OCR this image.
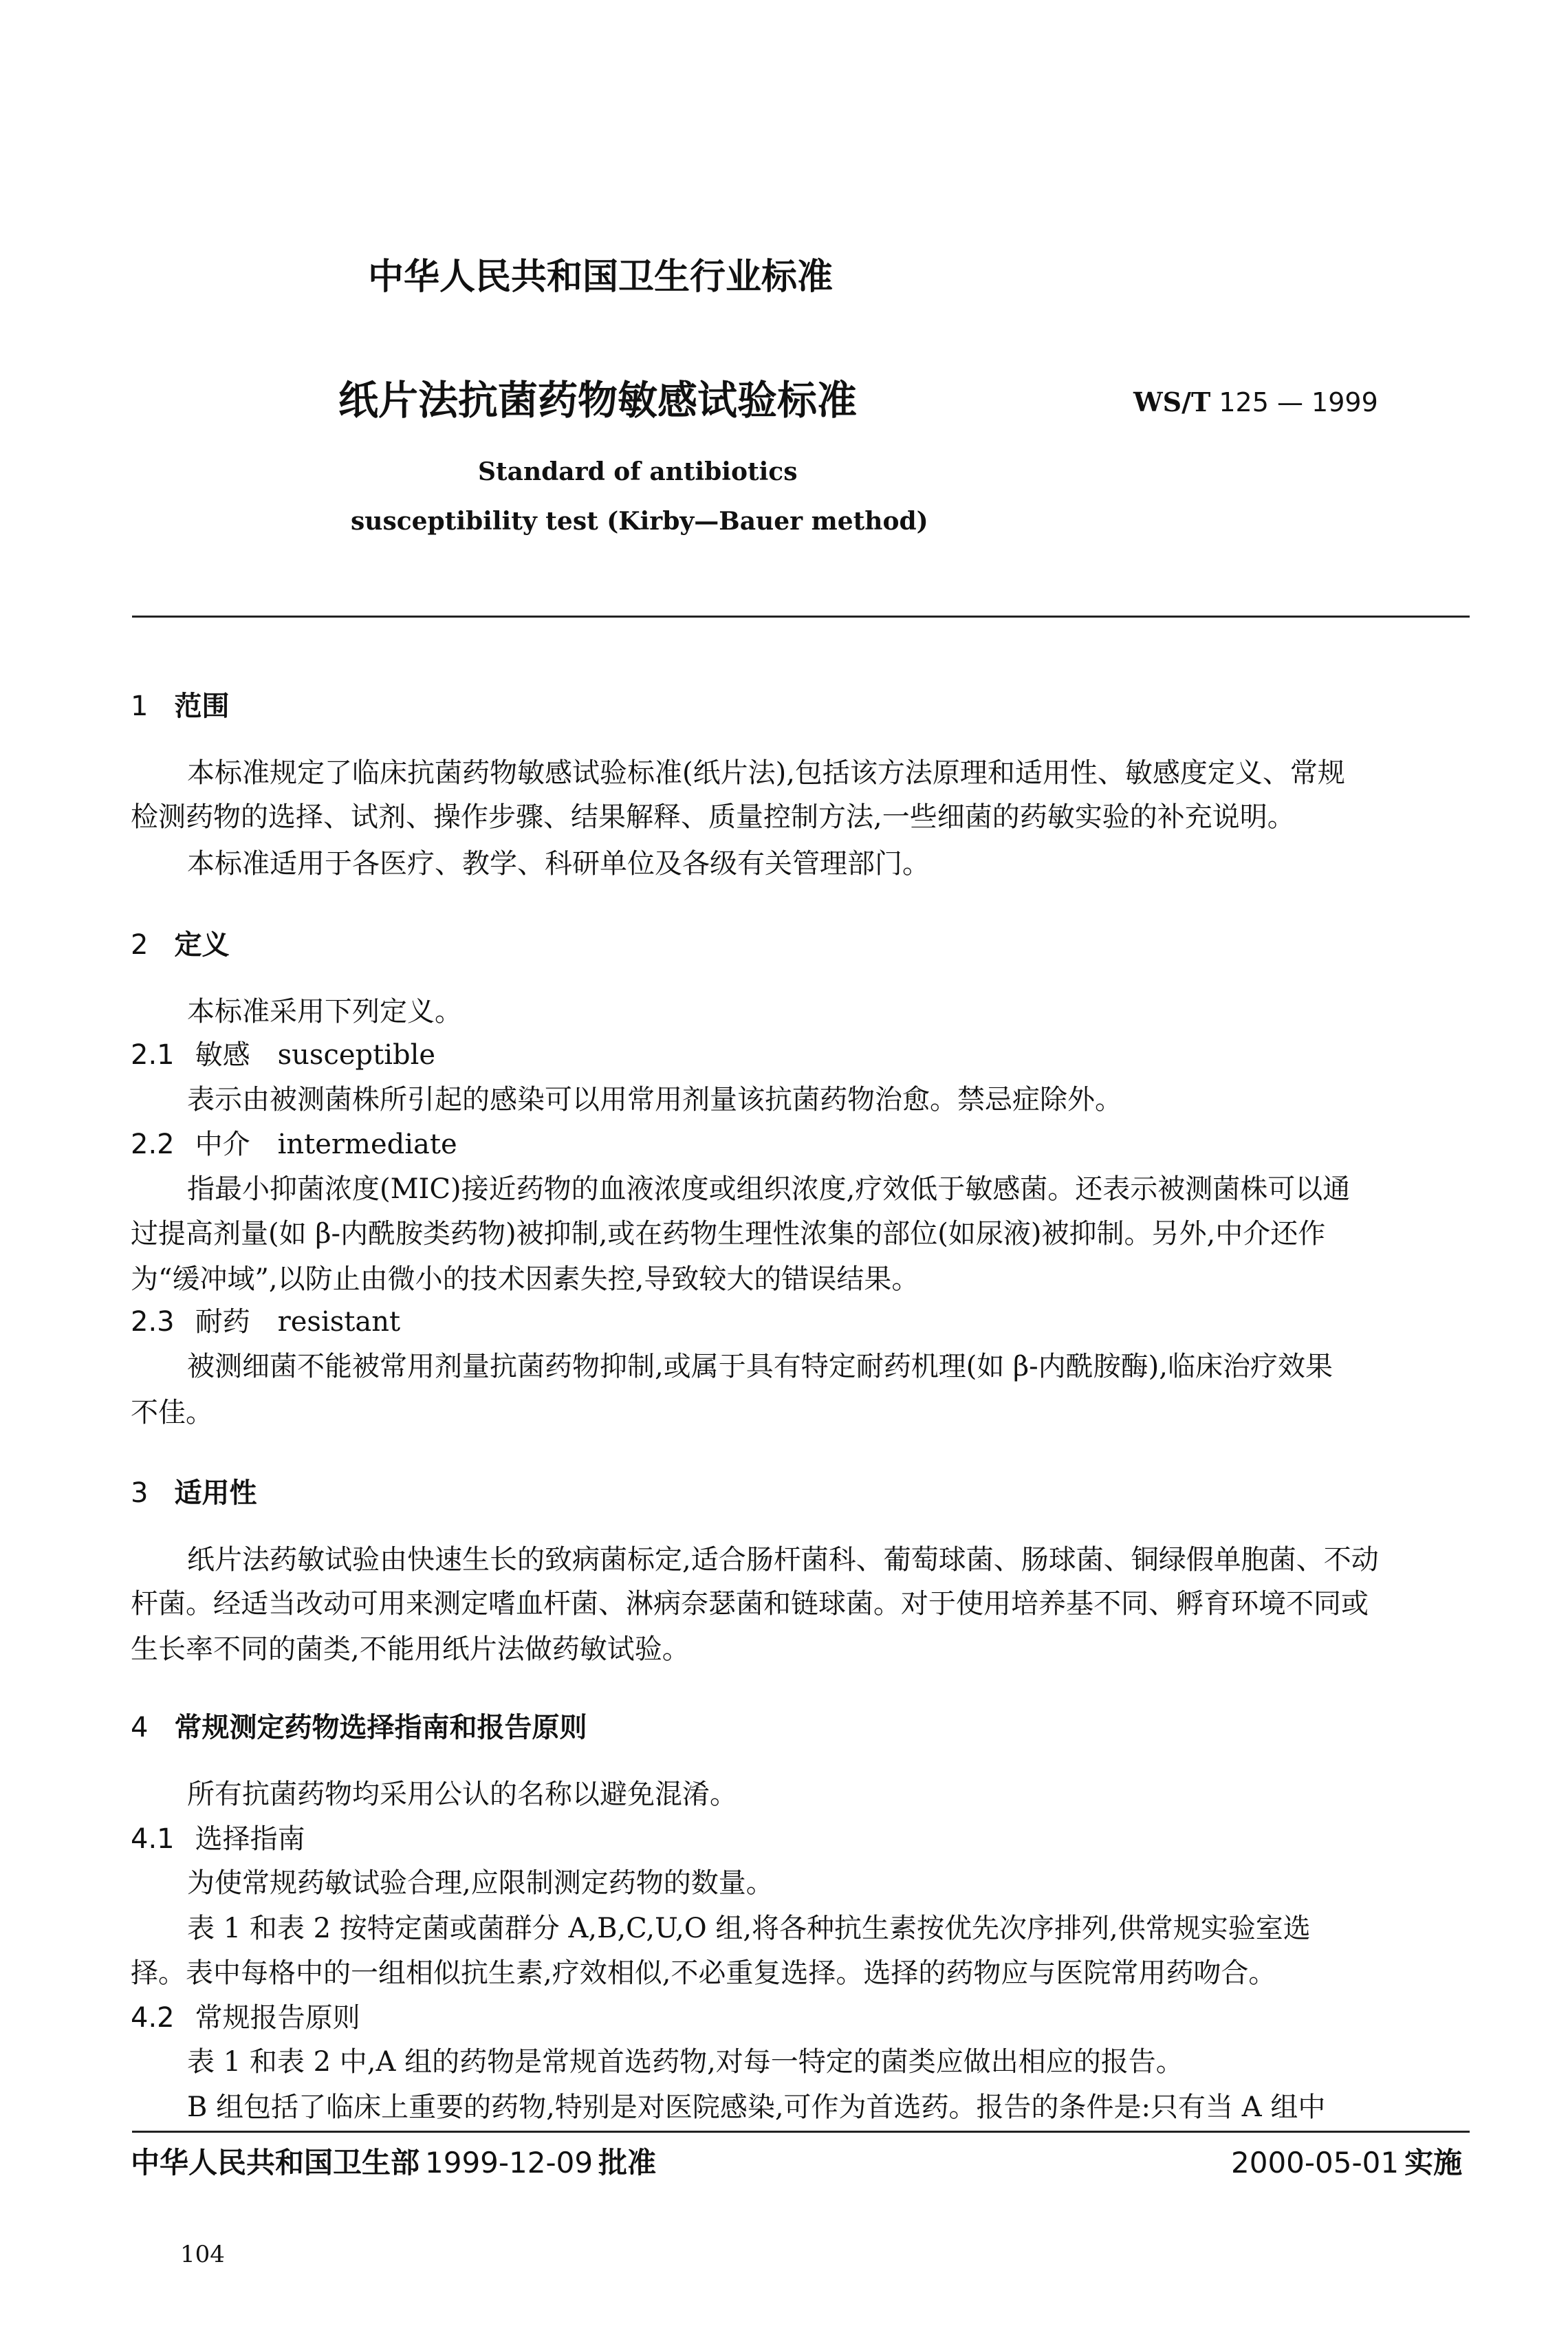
中华人民共和国卫生行业标准
纸片法抗菌药物敏感试验标准	WS/T 125 — 1999
Standard of antibiotics
susceptibility test (Kirby—Bauer method)
1 范围
本标准规定了临床抗菌药物敏感试验标准(纸片法),包括该方法原理和适用性、敏感度定义、常规
检测药物的选择、试剂、操作步骤、结果解释、质量控制方法,一些细菌的药敏实验的补充说明。
本标准适用于各医疗、教学、科研单位及各级有关管理部门。
2 定义
本标准采用下列定义。
2.1 敏感 susceptible
表示由被测菌株所引起的感染可以用常用剂量该抗菌药物治愈。禁忌症除外。
2.2 中介 intermediate
指最小抑菌浓度(MIC)接近药物的血液浓度或组织浓度,疗效低于敏感菌。还表示被测菌株可以通
过提高剂量(如 β-内酰胺类药物)被抑制,或在药物生理性浓集的部位(如尿液)被抑制。另外,中介还作
为“缓冲域”,以防止由微小的技术因素失控,导致较大的错误结果。
2.3 耐药 resistant
被测细菌不能被常用剂量抗菌药物抑制,或属于具有特定耐药机理(如 β-内酰胺酶),临床治疗效果
不佳。
3 适用性
纸片法药敏试验由快速生长的致病菌标定,适合肠杆菌科、葡萄球菌、肠球菌、铜绿假单胞菌、不动
杆菌。经适当改动可用来测定嗜血杆菌、淋病奈瑟菌和链球菌。对于使用培养基不同、孵育环境不同或
生长率不同的菌类,不能用纸片法做药敏试验。
4 常规测定药物选择指南和报告原则
所有抗菌药物均采用公认的名称以避免混淆。
4.1 选择指南
为使常规药敏试验合理,应限制测定药物的数量。
表 1 和表 2 按特定菌或菌群分 A,B,C,U,O 组,将各种抗生素按优先次序排列,供常规实验室选
择。表中每格中的一组相似抗生素,疗效相似,不必重复选择。选择的药物应与医院常用药吻合。
4.2 常规报告原则
表 1 和表 2 中,A 组的药物是常规首选药物,对每一特定的菌类应做出相应的报告。
B 组包括了临床上重要的药物,特别是对医院感染,可作为首选药。报告的条件是:只有当 A 组中
中华人民共和国卫生部 1999-12-09 批准	2000-05-01 实施
104
